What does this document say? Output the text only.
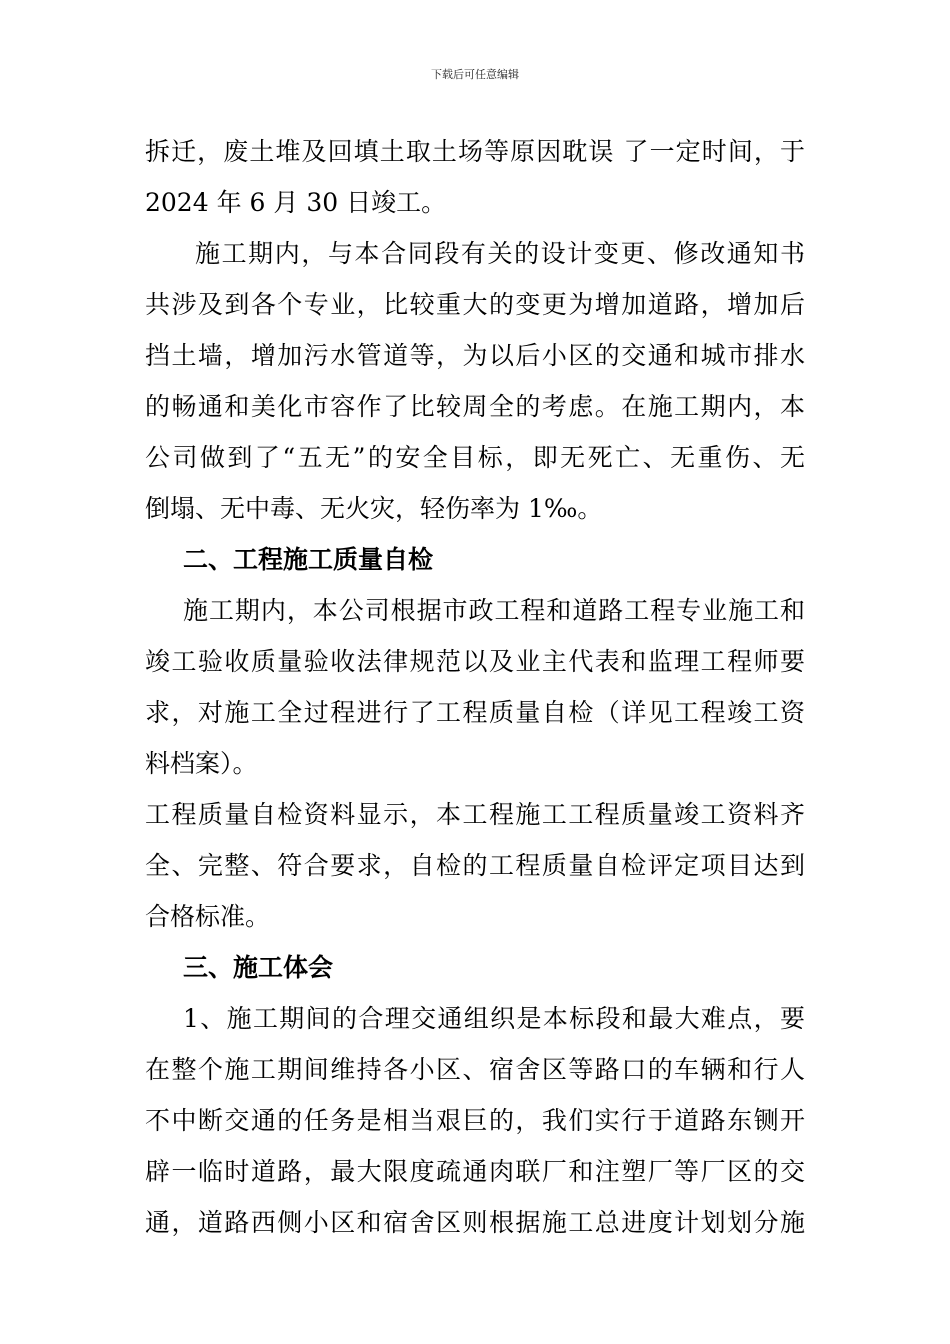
下载后可任意编辑
拆迁，废土堆及回填土取土场等原因耽误 了一定时间，于
2024 年 6 月 30 日竣工。
施工期内，与本合同段有关的设计变更、修改通知书
共涉及到各个专业，比较重大的变更为增加道路，增加后
挡土墙，增加污水管道等，为以后小区的交通和城市排水
的畅通和美化市容作了比较周全的考虑。在施工期内，本
公司做到了“五无”的安全目标，即无死亡、无重伤、无
倒塌、无中毒、无火灾，轻伤率为 1‰。
二、工程施工质量自检
施工期内，本公司根据市政工程和道路工程专业施工和
竣工验收质量验收法律规范以及业主代表和监理工程师要
求，对施工全过程进行了工程质量自检（详见工程竣工资
料档案）。
工程质量自检资料显示，本工程施工工程质量竣工资料齐
全、完整、符合要求，自检的工程质量自检评定项目达到
合格标准。
三、施工体会
1、施工期间的合理交通组织是本标段和最大难点，要
在整个施工期间维持各小区、宿舍区等路口的车辆和行人
不中断交通的任务是相当艰巨的，我们实行于道路东铡开
辟一临时道路，最大限度疏通肉联厂和注塑厂等厂区的交
通，道路西侧小区和宿舍区则根据施工总进度计划划分施
